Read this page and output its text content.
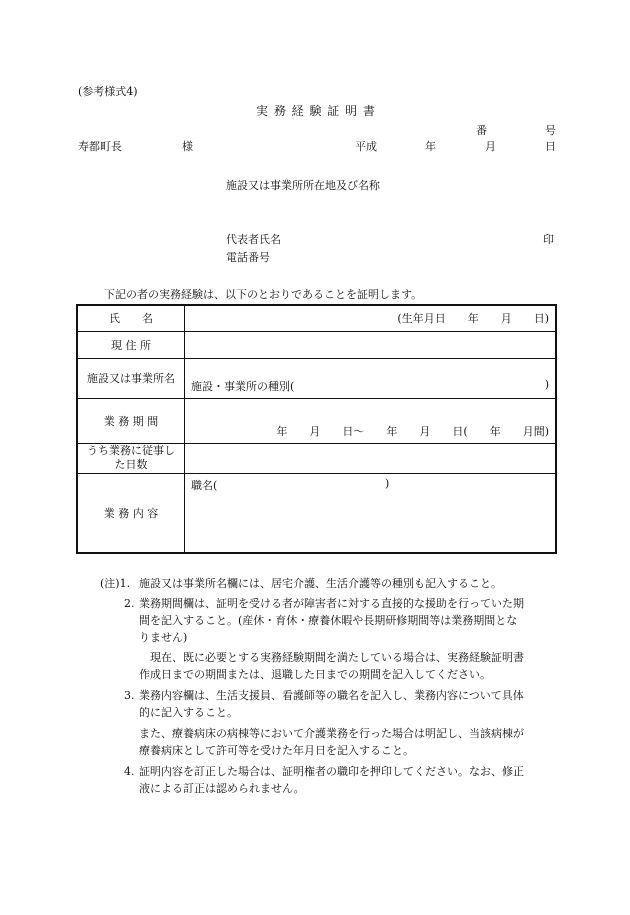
(参考様式4)
実 務 経 験 証 明 書
番	号
寿都町長	様	平成	年	月	日
施設又は事業所所在地及び名称
代表者氏名	印
電話番号
下記の者の実務経験は、以下のとおりであることを証明します。
氏　　名	(生年月日　　年　　月　　日)
現 住 所	
施設又は事業所名	施設・事業所の種別( )

業 務 期 間	年　　月　　日〜　　年　　月　　日(　　年　　月間)
うち業務に従事し
た日数	
業 務 内 容	職名( )
(注)1. 施設又は事業所名欄には、居宅介護、生活介護等の種別も記入すること。
2. 業務期間欄は、証明を受ける者が障害者に対する直接的な援助を行っていた期
間を記入すること。(産休・育休・療養休暇や長期研修期間等は業務期間とな
りません)
現在、既に必要とする実務経験期間を満たしている場合は、実務経験証明書
作成日までの期間または、退職した日までの期間を記入してください。
3. 業務内容欄は、生活支援員、看護師等の職名を記入し、業務内容について具体
的に記入すること。
また、療養病床の病棟等において介護業務を行った場合は明記し、当該病棟が
療養病床として許可等を受けた年月日を記入すること。
4. 証明内容を訂正した場合は、証明権者の職印を押印してください。なお、修正
液による訂正は認められません。
